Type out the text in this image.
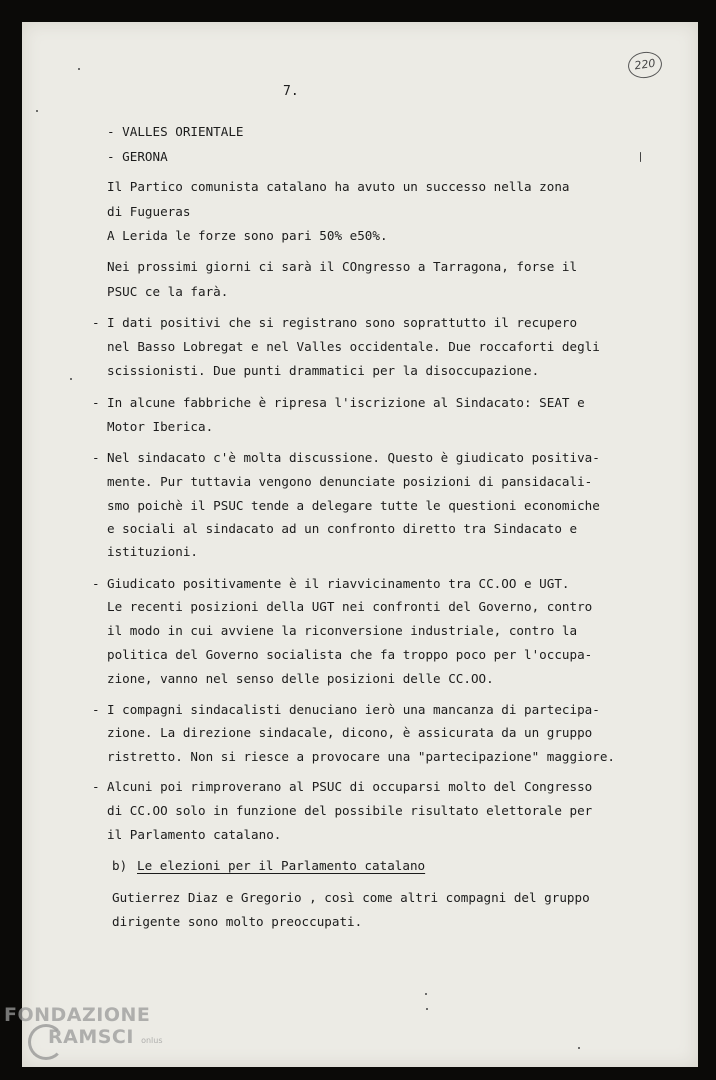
220
7.
- VALLES ORIENTALE
- GERONA
Il Partico comunista catalano ha avuto un successo nella zona
di Fugueras
A Lerida le forze sono pari 50% e50%.
Nei prossimi giorni ci sarà il COngresso a Tarragona, forse il
PSUC ce la farà.
- I dati positivi che si registrano sono soprattutto il recupero
nel Basso Lobregat e nel Valles occidentale. Due roccaforti degli
scissionisti. Due punti drammatici per la disoccupazione.
- In alcune fabbriche è ripresa l'iscrizione al Sindacato: SEAT e
Motor Iberica.
- Nel sindacato c'è molta discussione. Questo è giudicato positiva-
mente. Pur tuttavia vengono denunciate posizioni di pansidacali-
smo poichè il PSUC tende a delegare tutte le questioni economiche
e sociali al sindacato ad un confronto diretto tra Sindacato e
istituzioni.
- Giudicato positivamente è il riavvicinamento tra CC.OO e UGT.
Le recenti posizioni della UGT nei confronti del Governo, contro
il modo in cui avviene la riconversione industriale, contro la
politica del Governo socialista che fa troppo poco per l'occupa-
zione, vanno nel senso delle posizioni delle CC.OO.
- I compagni sindacalisti denuciano ierò una mancanza di partecipa-
zione. La direzione sindacale, dicono, è assicurata da un gruppo
ristretto. Non si riesce a provocare una "partecipazione" maggiore.
- Alcuni poi rimproverano al PSUC di occuparsi molto del Congresso
di CC.OO solo in funzione del possibile risultato elettorale per
il Parlamento catalano.
b) Le elezioni per il Parlamento catalano
Gutierrez Diaz e Gregorio , così come altri compagni del gruppo
dirigente sono molto preoccupati.
FONDAZIONE
RAMSCI onlus
